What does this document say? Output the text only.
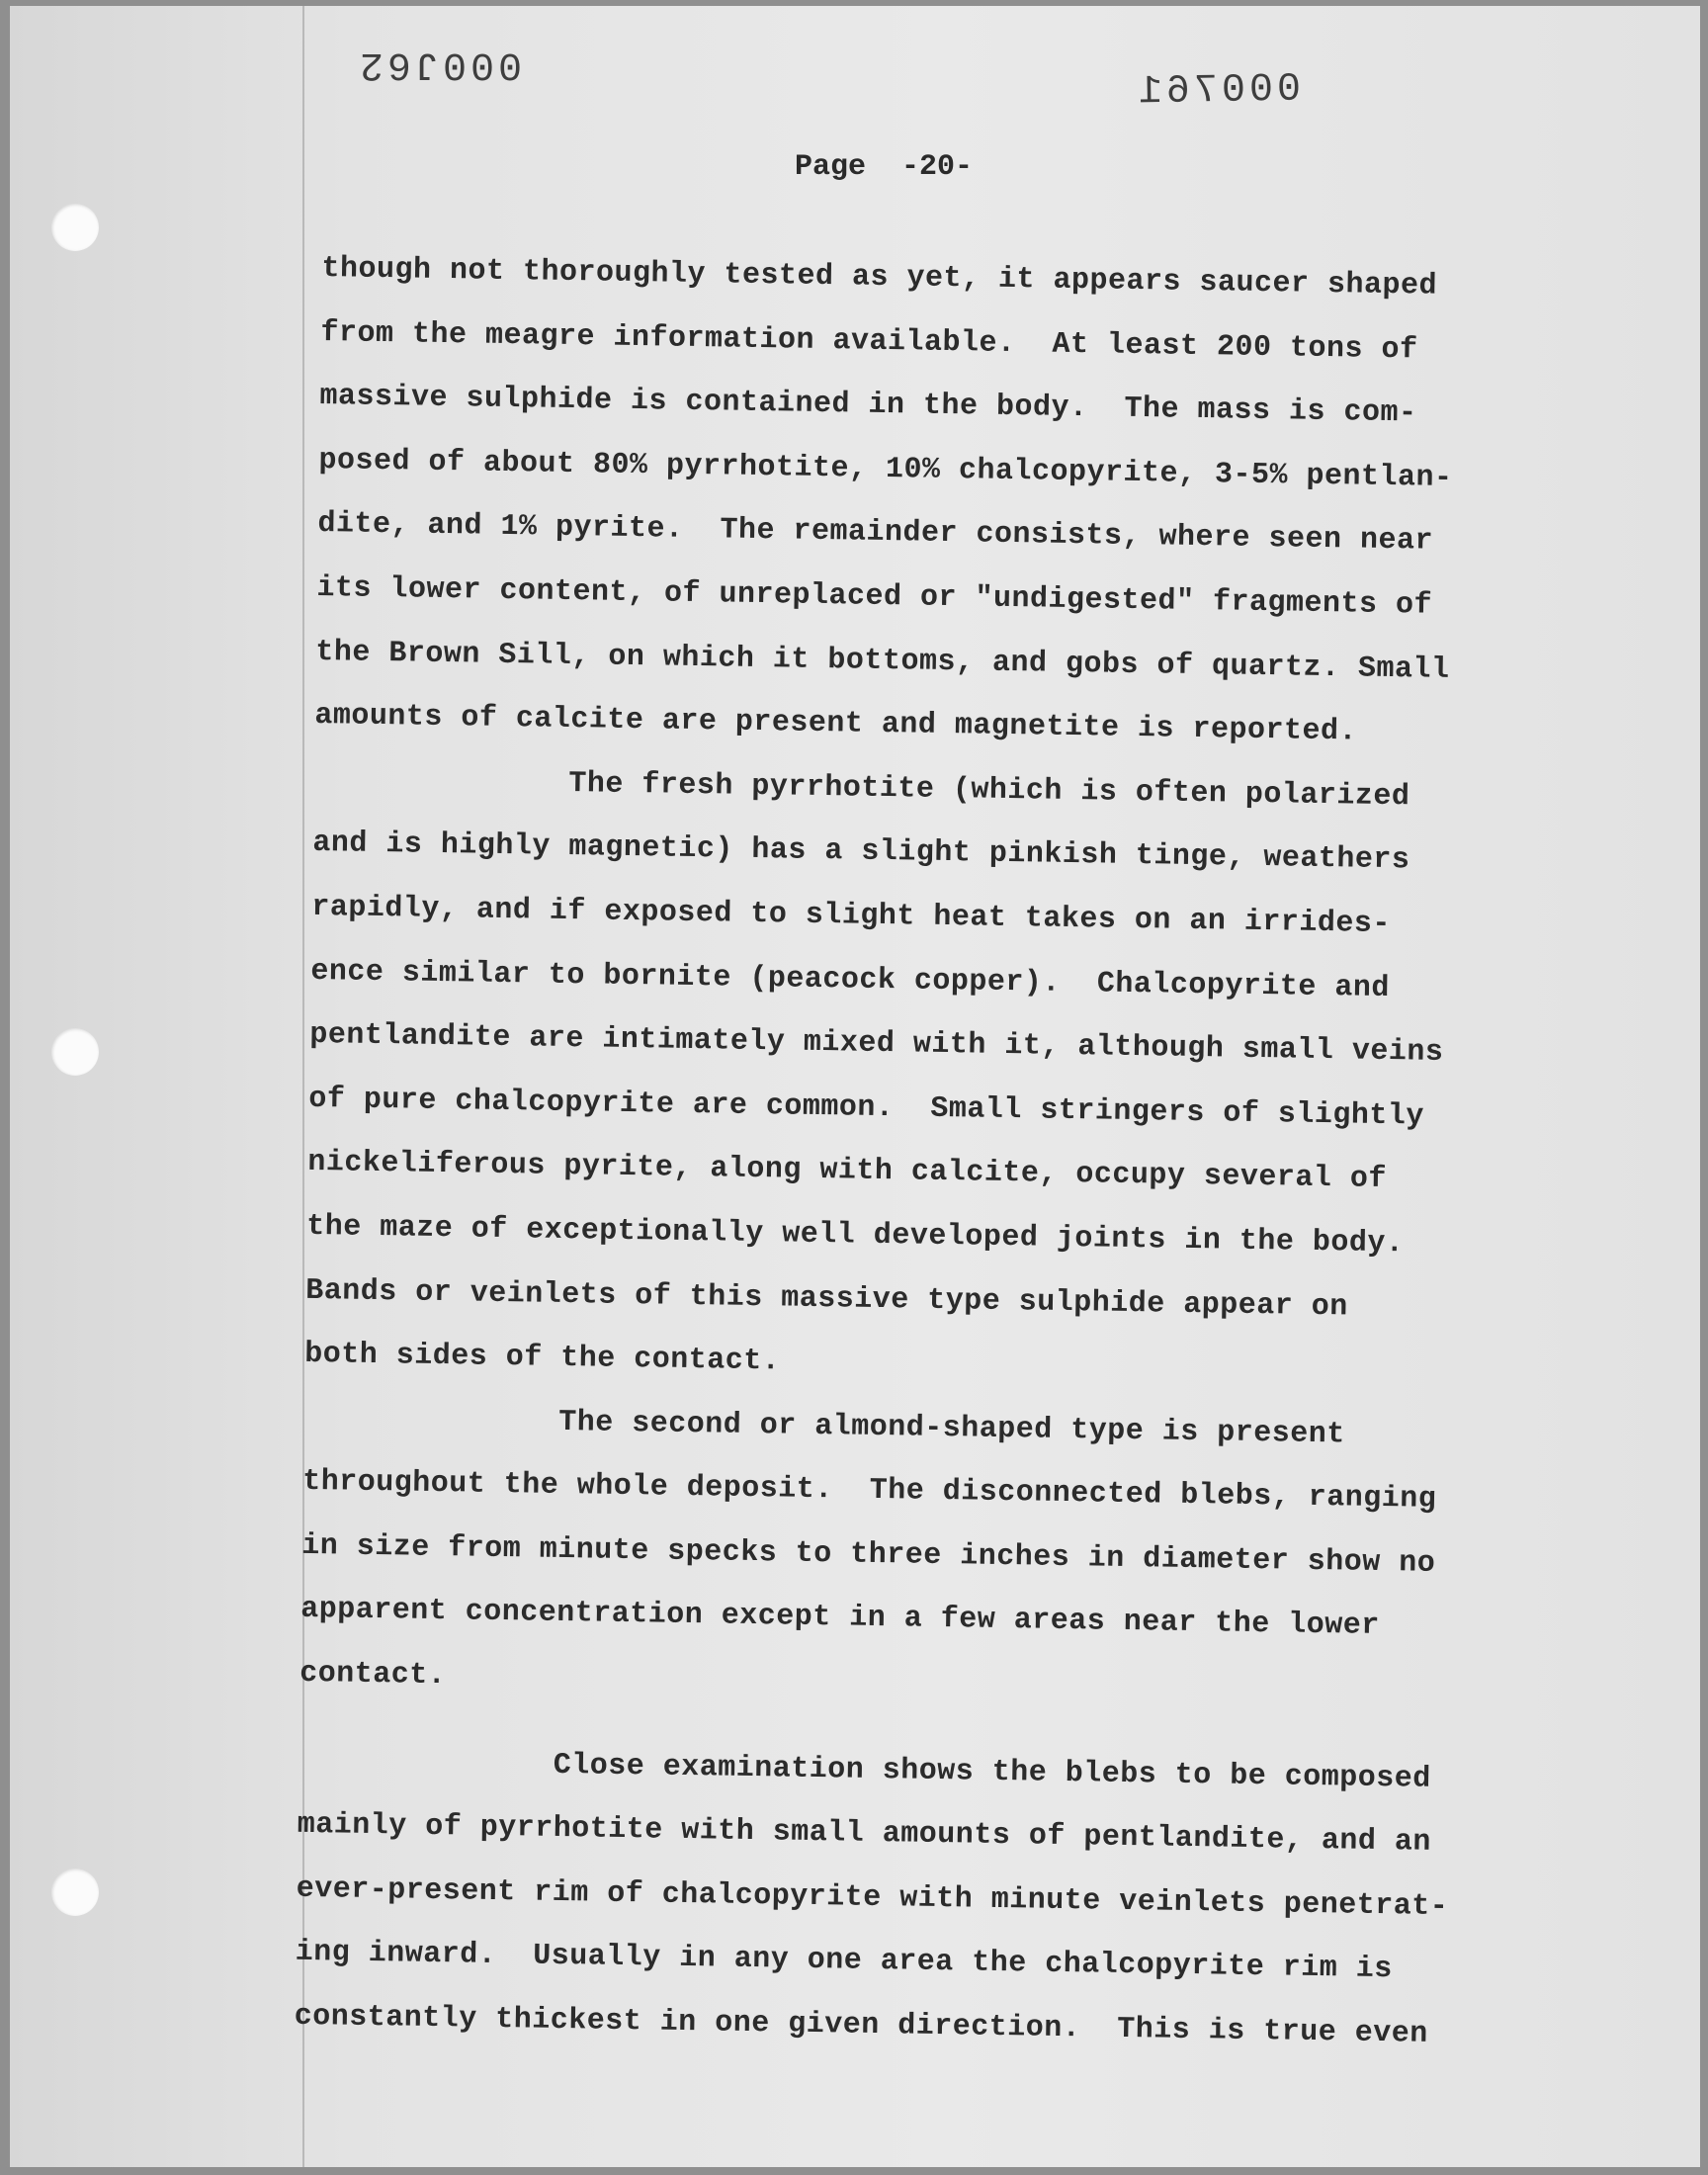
000J62
000761
Page  -20-
though not thoroughly tested as yet, it appears saucer shaped
from the meagre information available.  At least 200 tons of
massive sulphide is contained in the body.  The mass is com-
posed of about 80% pyrrhotite, 10% chalcopyrite, 3-5% pentlan-
dite, and 1% pyrite.  The remainder consists, where seen near
its lower content, of unreplaced or "undigested" fragments of
the Brown Sill, on which it bottoms, and gobs of quartz. Small
amounts of calcite are present and magnetite is reported.
The fresh pyrrhotite (which is often polarized
and is highly magnetic) has a slight pinkish tinge, weathers
rapidly, and if exposed to slight heat takes on an irrides-
ence similar to bornite (peacock copper).  Chalcopyrite and
pentlandite are intimately mixed with it, although small veins
of pure chalcopyrite are common.  Small stringers of slightly
nickeliferous pyrite, along with calcite, occupy several of
the maze of exceptionally well developed joints in the body.
Bands or veinlets of this massive type sulphide appear on
both sides of the contact.
The second or almond-shaped type is present
throughout the whole deposit.  The disconnected blebs, ranging
in size from minute specks to three inches in diameter show no
apparent concentration except in a few areas near the lower
contact.
Close examination shows the blebs to be composed
mainly of pyrrhotite with small amounts of pentlandite, and an
ever-present rim of chalcopyrite with minute veinlets penetrat-
ing inward.  Usually in any one area the chalcopyrite rim is
constantly thickest in one given direction.  This is true even
